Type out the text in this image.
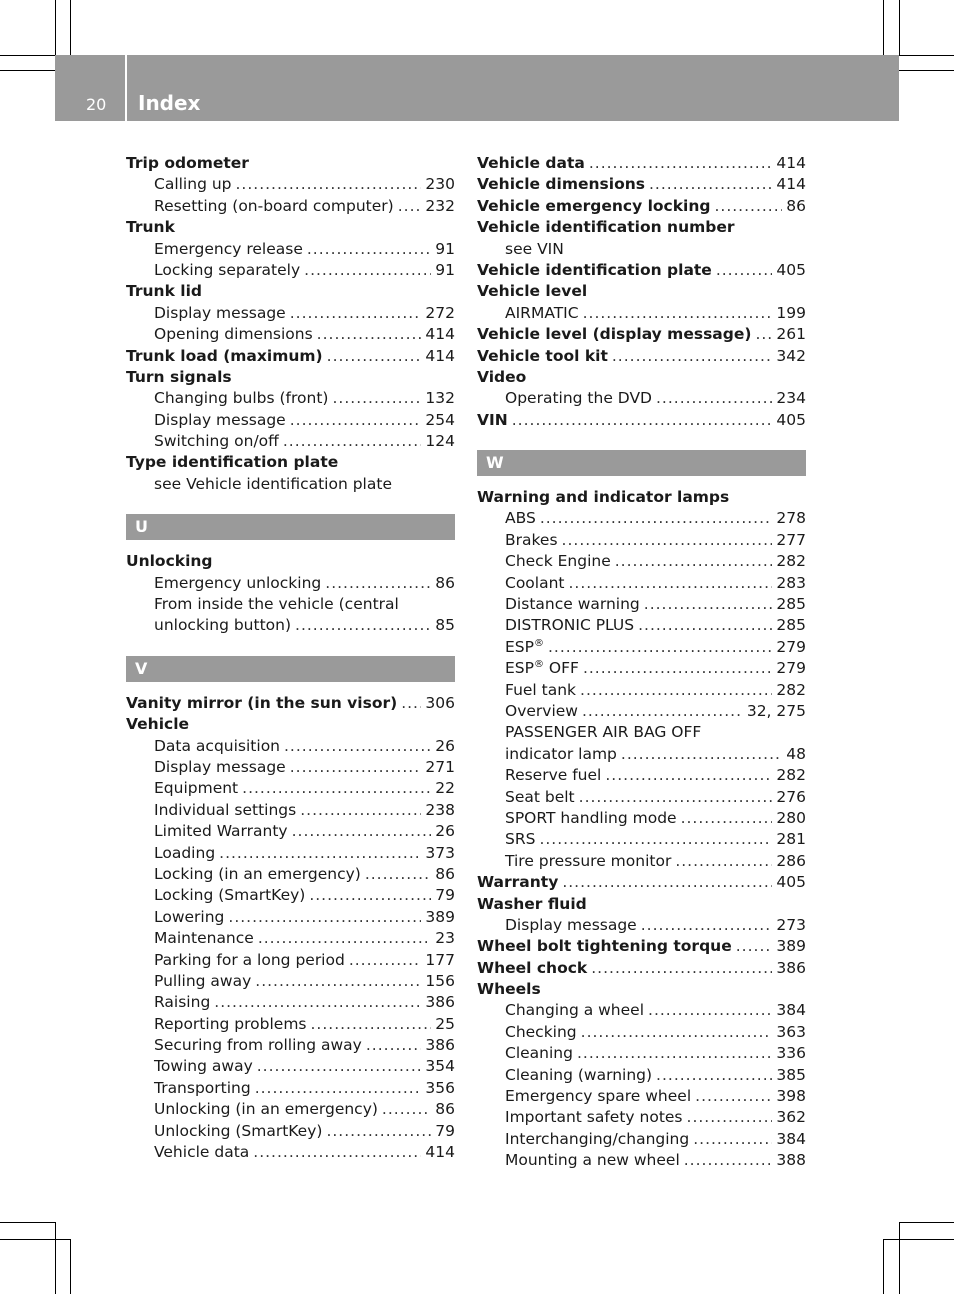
20 Index
Trip odometer
Calling up .....	230
Resetting (on-board computer) ..... 232
Trunk
Emergency release .....	91
Locking separately .....	91
Trunk lid
Display message .....	272
Opening dimensions .....	414
Trunk load (maximum) .....	414
Turn signals
Changing bulbs (front) .....	132
Display message .....	254
Switching on/off .....	124
Type identification plate
see Vehicle identification plate
U
Unlocking
Emergency unlocking .....	86
From inside the vehicle (central
unlocking button) .....	85
V
Vanity mirror (in the sun visor) ..... 306
Vehicle
Data acquisition .....	26
Display message .....	271
Equipment .....	22
Individual settings .....	238
Limited Warranty .....	26
Loading .....	373
Locking (in an emergency) .....	86
Locking (SmartKey) .....	79
Lowering .....	389
Maintenance .....	23
Parking for a long period .....	177
Pulling away .....	156
Raising .....	386
Reporting problems .....	25
Securing from rolling away .....	386
Towing away .....	354
Transporting .....	356
Unlocking (in an emergency) .....	86
Unlocking (SmartKey) .....	79
Vehicle data .....	414
Vehicle data .....	414
Vehicle dimensions .....	414
Vehicle emergency locking .....	86
Vehicle identification number
see VIN
Vehicle identification plate .....	405
Vehicle level
AIRMATIC .....	199
Vehicle level (display message) ..... 261
Vehicle tool kit .....	342
Video
Operating the DVD .....	234
VIN .....	405
W
Warning and indicator lamps
ABS .....	278
Brakes .....	277
Check Engine .....	282
Coolant .....	283
Distance warning .....	285
DISTRONIC PLUS .....	285
ESP® .....	279
ESP® OFF .....	279
Fuel tank .....	282
Overview .....	32, 275
PASSENGER AIR BAG OFF
indicator lamp .....	48
Reserve fuel .....	282
Seat belt .....	276
SPORT handling mode .....	280
SRS .....	281
Tire pressure monitor .....	286
Warranty .....	405
Washer fluid
Display message .....	273
Wheel bolt tightening torque .....	389
Wheel chock .....	386
Wheels
Changing a wheel .....	384
Checking .....	363
Cleaning .....	336
Cleaning (warning) .....	385
Emergency spare wheel .....	398
Important safety notes .....	362
Interchanging/changing .....	384
Mounting a new wheel .....	388
